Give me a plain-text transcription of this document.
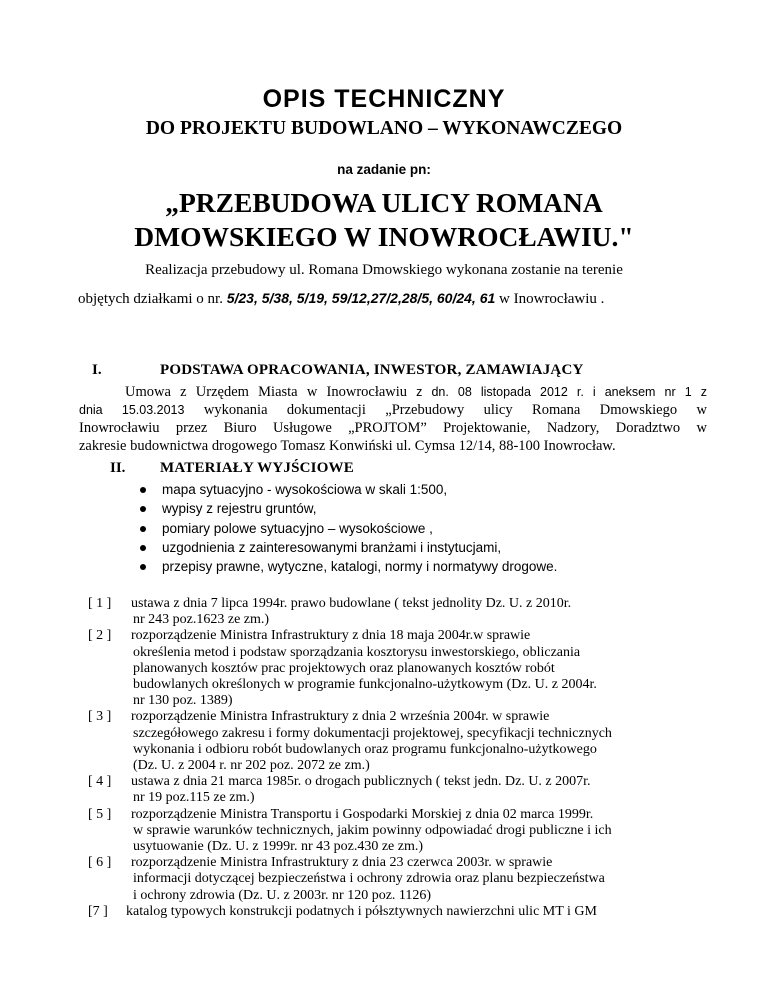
OPIS TECHNICZNY
DO PROJEKTU BUDOWLANO – WYKONAWCZEGO
na zadanie pn:
„PRZEBUDOWA ULICY ROMANA
DMOWSKIEGO W INOWROCŁAWIU."
Realizacja przebudowy ul. Romana Dmowskiego wykonana zostanie na terenie
objętych działkami o nr. 5/23, 5/38, 5/19, 59/12,27/2,28/5, 60/24, 61 w Inowrocławiu .
I.	PODSTAWA OPRACOWANIA, INWESTOR, ZAMAWIAJĄCY
Umowa z Urzędem Miasta w Inowrocławiu z dn. 08 listopada 2012 r. i aneksem nr 1 z
dnia 15.03.2013 wykonania dokumentacji „Przebudowy ulicy Romana Dmowskiego w
Inowrocławiu przez Biuro Usługowe „PROJTOM” Projektowanie, Nadzory, Doradztwo w
zakresie budownictwa drogowego Tomasz Konwiński ul. Cymsa 12/14, 88-100 Inowrocław.
II. MATERIAŁY WYJŚCIOWE
mapa sytuacyjno - wysokościowa w skali 1:500,
wypisy z rejestru gruntów,
pomiary polowe sytuacyjno – wysokościowe ,
uzgodnienia z zainteresowanymi branżami i instytucjami,
przepisy prawne, wytyczne, katalogi, normy i normatywy drogowe.
[ 1 ] ustawa z dnia 7 lipca 1994r. prawo budowlane ( tekst jednolity Dz. U. z 2010r.
nr 243 poz.1623 ze zm.)
[ 2 ] rozporządzenie Ministra Infrastruktury z dnia 18 maja 2004r.w sprawie
określenia metod i podstaw sporządzania kosztorysu inwestorskiego, obliczania
planowanych kosztów prac projektowych oraz planowanych kosztów robót
budowlanych określonych w programie funkcjonalno-użytkowym (Dz. U. z 2004r.
nr 130 poz. 1389)
[ 3 ] rozporządzenie Ministra Infrastruktury z dnia 2 września 2004r. w sprawie
szczegółowego zakresu i formy dokumentacji projektowej, specyfikacji technicznych
wykonania i odbioru robót budowlanych oraz programu funkcjonalno-użytkowego
(Dz. U. z 2004 r. nr 202 poz. 2072 ze zm.)
[ 4 ] ustawa z dnia 21 marca 1985r. o drogach publicznych ( tekst jedn. Dz. U. z 2007r.
nr 19 poz.115 ze zm.)
[ 5 ] rozporządzenie Ministra Transportu i Gospodarki Morskiej z dnia 02 marca 1999r.
w sprawie warunków technicznych, jakim powinny odpowiadać drogi publiczne i ich
usytuowanie (Dz. U. z 1999r. nr 43 poz.430 ze zm.)
[ 6 ] rozporządzenie Ministra Infrastruktury z dnia 23 czerwca 2003r. w sprawie
informacji dotyczącej bezpieczeństwa i ochrony zdrowia oraz planu bezpieczeństwa
i ochrony zdrowia (Dz. U. z 2003r. nr 120 poz. 1126)
[7 ] katalog typowych konstrukcji podatnych i półsztywnych nawierzchni ulic MT i GM
